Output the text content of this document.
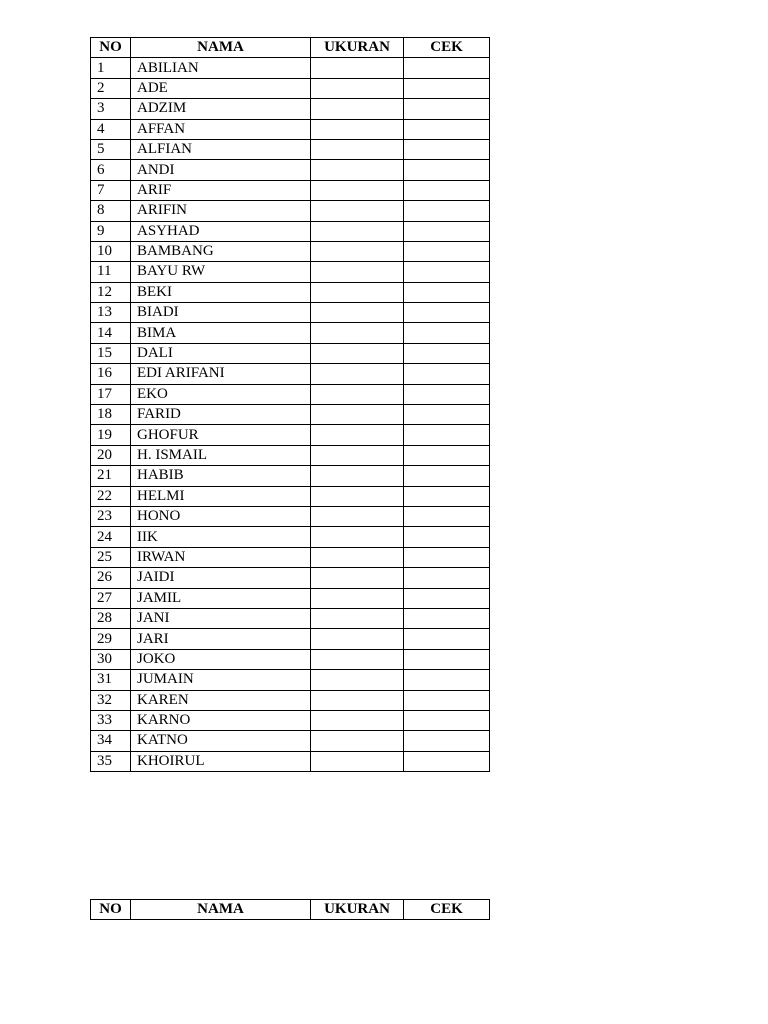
NO	NAMA	UKURAN	CEK
1	ABILIAN		
2	ADE		
3	ADZIM		
4	AFFAN		
5	ALFIAN		
6	ANDI		
7	ARIF		
8	ARIFIN		
9	ASYHAD		
10	BAMBANG		
11	BAYU RW		
12	BEKI		
13	BIADI		
14	BIMA		
15	DALI		
16	EDI ARIFANI		
17	EKO		
18	FARID		
19	GHOFUR		
20	H. ISMAIL		
21	HABIB		
22	HELMI		
23	HONO		
24	IIK		
25	IRWAN		
26	JAIDI		
27	JAMIL		
28	JANI		
29	JARI		
30	JOKO		
31	JUMAIN		
32	KAREN		
33	KARNO		
34	KATNO		
35	KHOIRUL		
NO	NAMA	UKURAN	CEK
